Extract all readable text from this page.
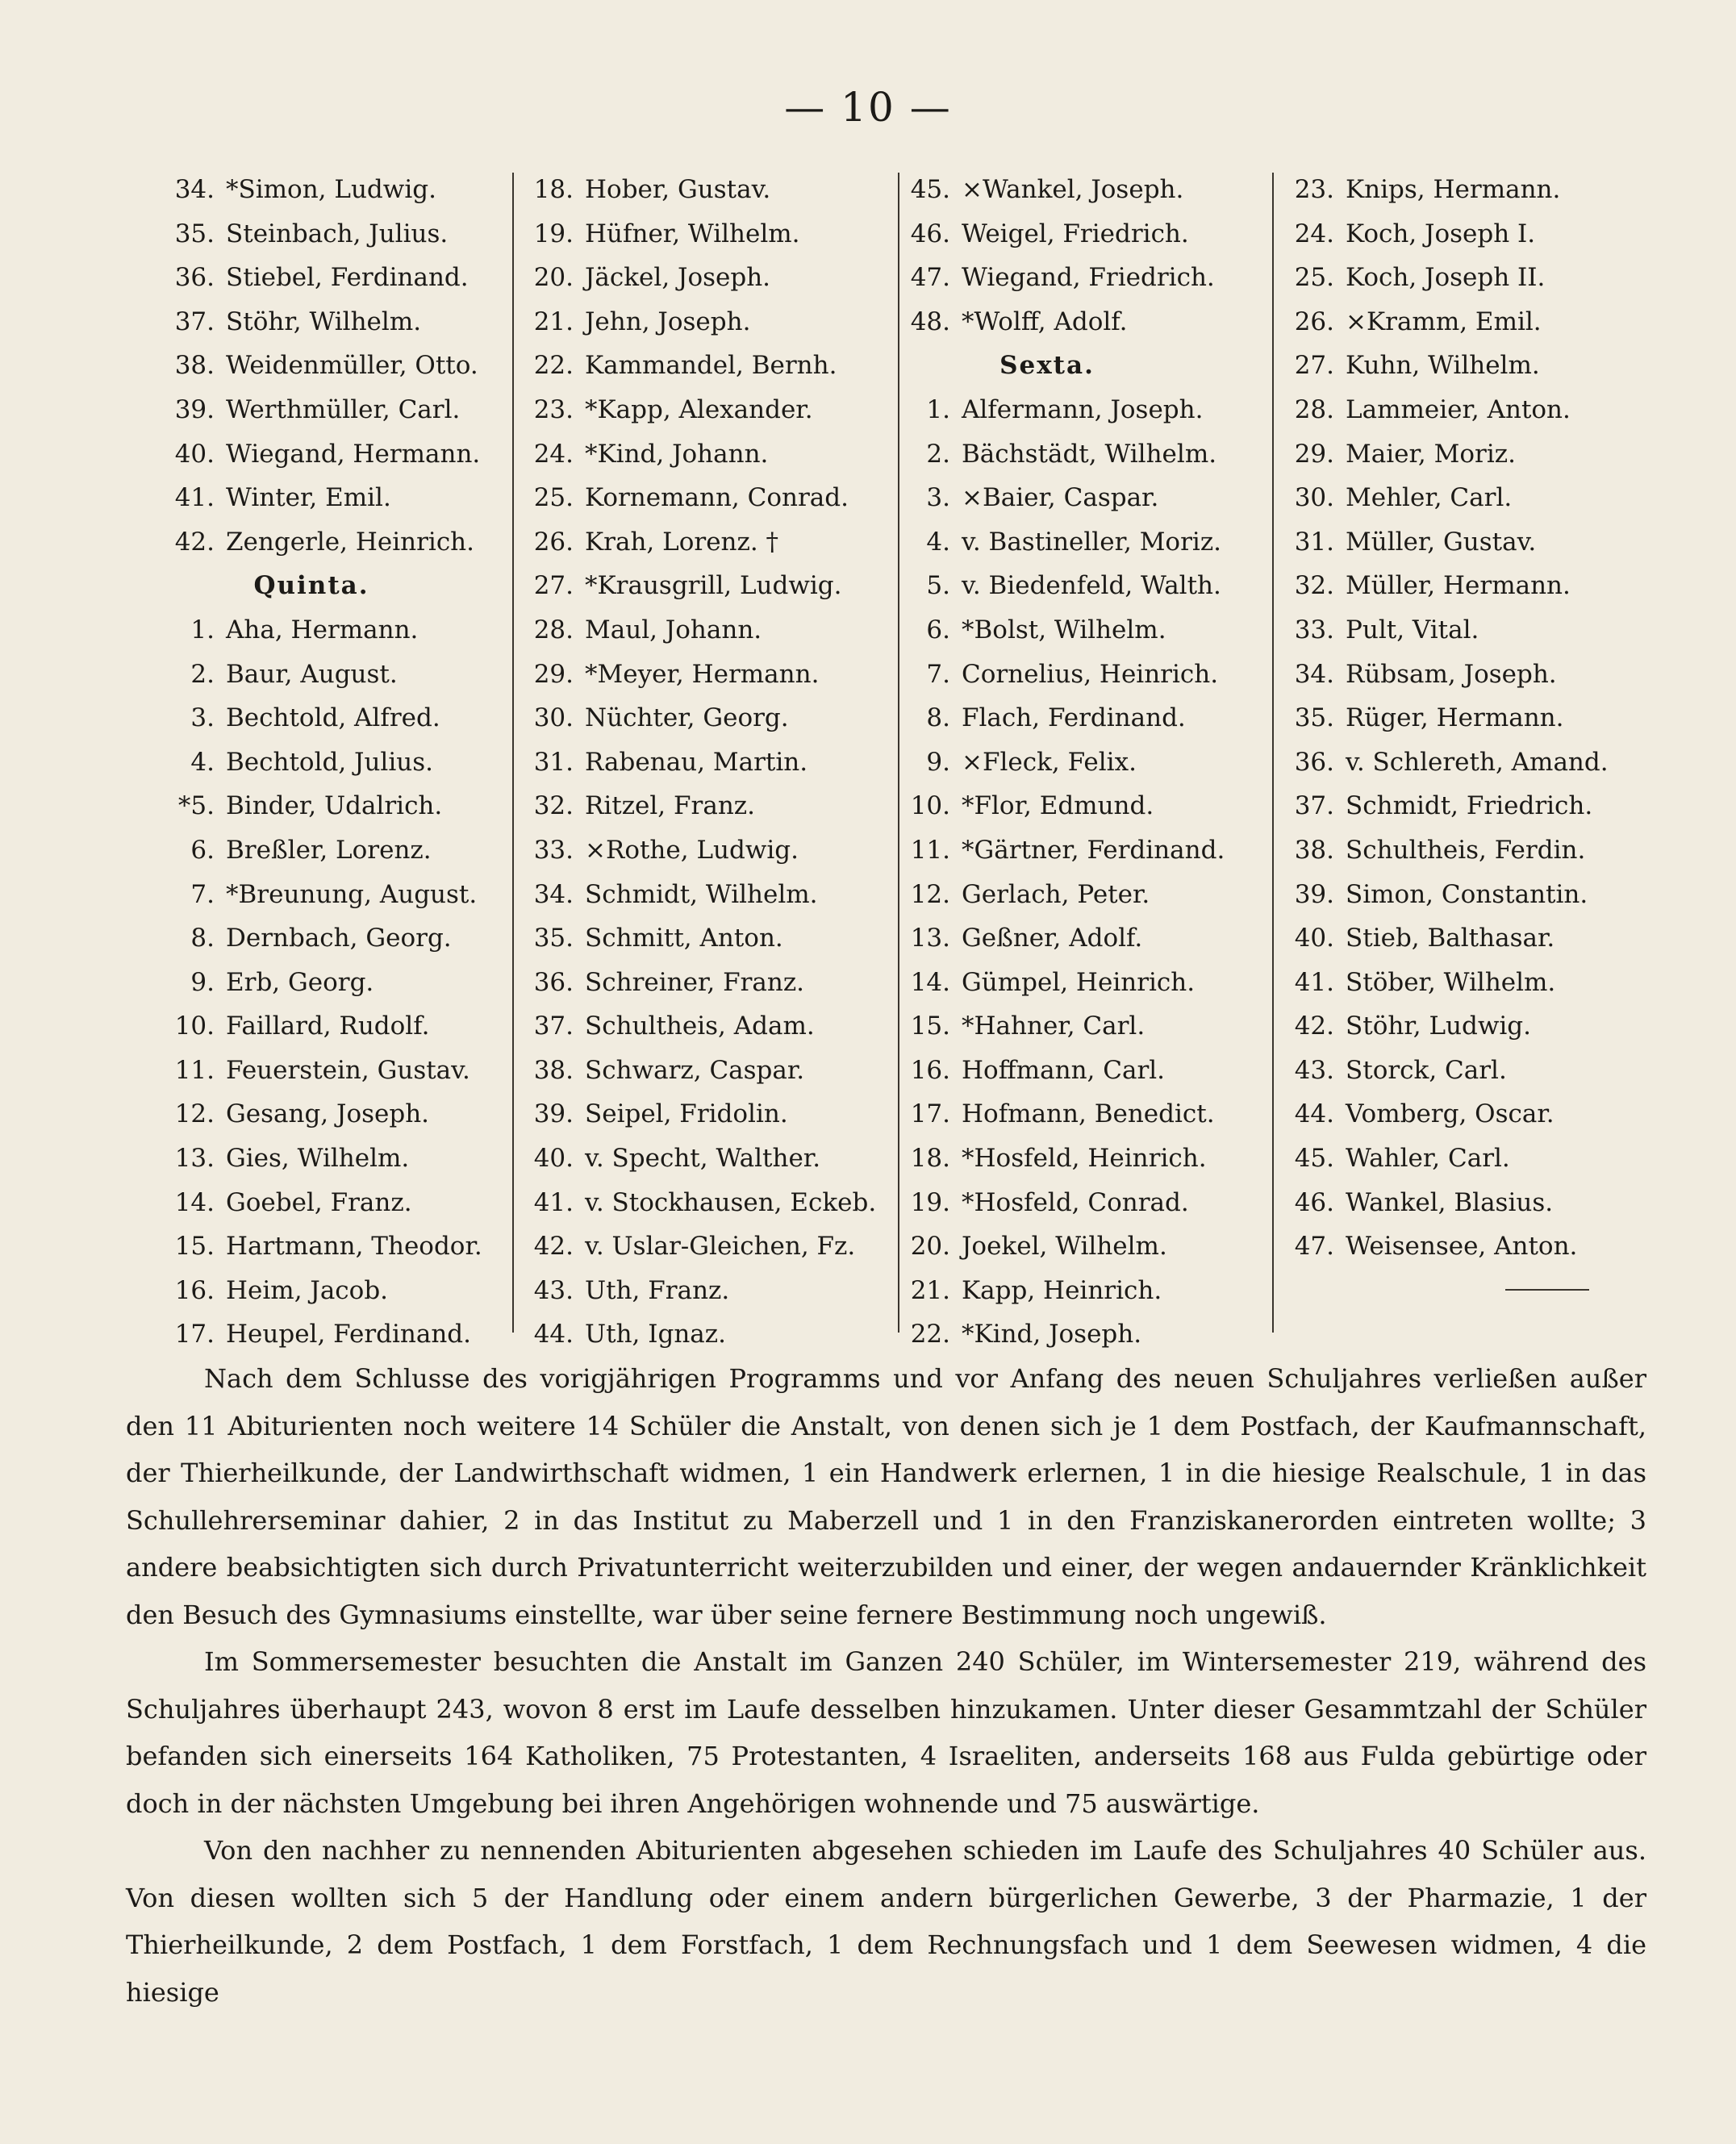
— 10 —
34. *Simon, Ludwig.
35. Steinbach, Julius.
36. Stiebel, Ferdinand.
37. Stöhr, Wilhelm.
38. Weidenmüller, Otto.
39. Werthmüller, Carl.
40. Wiegand, Hermann.
41. Winter, Emil.
42. Zengerle, Heinrich.
Quinta.
1. Aha, Hermann.
2. Baur, August.
3. Bechtold, Alfred.
4. Bechtold, Julius.
*5. Binder, Udalrich.
6. Breßler, Lorenz.
7. *Breunung, August.
8. Dernbach, Georg.
9. Erb, Georg.
10. Faillard, Rudolf.
11. Feuerstein, Gustav.
12. Gesang, Joseph.
13. Gies, Wilhelm.
14. Goebel, Franz.
15. Hartmann, Theodor.
16. Heim, Jacob.
17. Heupel, Ferdinand.
18. Hober, Gustav.
19. Hüfner, Wilhelm.
20. Jäckel, Joseph.
21. Jehn, Joseph.
22. Kammandel, Bernh.
23. *Kapp, Alexander.
24. *Kind, Johann.
25. Kornemann, Conrad.
26. Krah, Lorenz. †
27. *Krausgrill, Ludwig.
28. Maul, Johann.
29. *Meyer, Hermann.
30. Nüchter, Georg.
31. Rabenau, Martin.
32. Ritzel, Franz.
33. ×Rothe, Ludwig.
34. Schmidt, Wilhelm.
35. Schmitt, Anton.
36. Schreiner, Franz.
37. Schultheis, Adam.
38. Schwarz, Caspar.
39. Seipel, Fridolin.
40. v. Specht, Walther.
41. v. Stockhausen, Eckeb.
42. v. Uslar-Gleichen, Fz.
43. Uth, Franz.
44. Uth, Ignaz.
45. ×Wankel, Joseph.
46. Weigel, Friedrich.
47. Wiegand, Friedrich.
48. *Wolff, Adolf.
Sexta.
1. Alfermann, Joseph.
2. Bächstädt, Wilhelm.
3. ×Baier, Caspar.
4. v. Bastineller, Moriz.
5. v. Biedenfeld, Walth.
6. *Bolst, Wilhelm.
7. Cornelius, Heinrich.
8. Flach, Ferdinand.
9. ×Fleck, Felix.
10. *Flor, Edmund.
11. *Gärtner, Ferdinand.
12. Gerlach, Peter.
13. Geßner, Adolf.
14. Gümpel, Heinrich.
15. *Hahner, Carl.
16. Hoffmann, Carl.
17. Hofmann, Benedict.
18. *Hosfeld, Heinrich.
19. *Hosfeld, Conrad.
20. Joekel, Wilhelm.
21. Kapp, Heinrich.
22. *Kind, Joseph.
23. Knips, Hermann.
24. Koch, Joseph I.
25. Koch, Joseph II.
26. ×Kramm, Emil.
27. Kuhn, Wilhelm.
28. Lammeier, Anton.
29. Maier, Moriz.
30. Mehler, Carl.
31. Müller, Gustav.
32. Müller, Hermann.
33. Pult, Vital.
34. Rübsam, Joseph.
35. Rüger, Hermann.
36. v. Schlereth, Amand.
37. Schmidt, Friedrich.
38. Schultheis, Ferdin.
39. Simon, Constantin.
40. Stieb, Balthasar.
41. Stöber, Wilhelm.
42. Stöhr, Ludwig.
43. Storck, Carl.
44. Vomberg, Oscar.
45. Wahler, Carl.
46. Wankel, Blasius.
47. Weisensee, Anton.

Nach dem Schlusse des vorigjährigen Programms und vor Anfang des neuen Schuljahres verließen außer den 11 Abiturienten noch weitere 14 Schüler die Anstalt, von denen sich je 1 dem Postfach, der Kaufmannschaft, der Thierheilkunde, der Landwirthschaft widmen, 1 ein Handwerk erlernen, 1 in die hiesige Realschule, 1 in das Schullehrerseminar dahier, 2 in das Institut zu Maberzell und 1 in den Franziskanerorden eintreten wollte; 3 andere beabsichtigten sich durch Privatunterricht weiterzubilden und einer, der wegen andauernder Kränklichkeit den Besuch des Gymnasiums einstellte, war über seine fernere Bestimmung noch ungewiß.

Im Sommersemester besuchten die Anstalt im Ganzen 240 Schüler, im Wintersemester 219, während des Schuljahres überhaupt 243, wovon 8 erst im Laufe desselben hinzukamen. Unter dieser Gesammtzahl der Schüler befanden sich einerseits 164 Katholiken, 75 Protestanten, 4 Israeliten, anderseits 168 aus Fulda gebürtige oder doch in der nächsten Umgebung bei ihren Angehörigen wohnende und 75 auswärtige.

Von den nachher zu nennenden Abiturienten abgesehen schieden im Laufe des Schuljahres 40 Schüler aus. Von diesen wollten sich 5 der Handlung oder einem andern bürgerlichen Gewerbe, 3 der Pharmazie, 1 der Thierheilkunde, 2 dem Postfach, 1 dem Forstfach, 1 dem Rechnungsfach und 1 dem Seewesen widmen, 4 die hiesige
